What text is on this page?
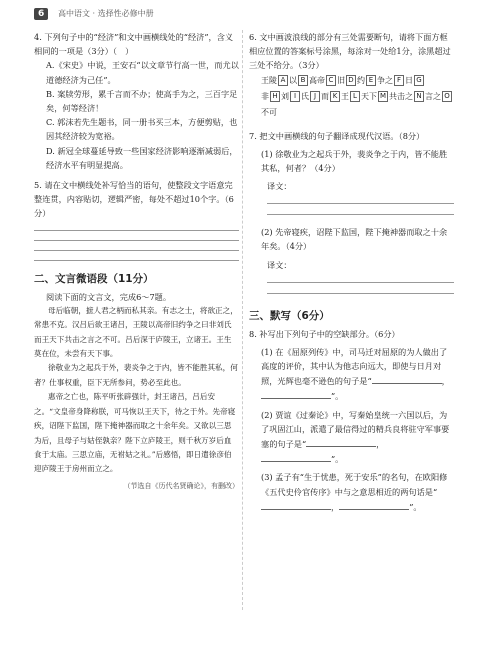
6	高中语文 · 选择性必修中册

4. 下列句子中的“经济”和文中画横线处的“经济”，含义相同的一项是（3分）（　）

A.《宋史》中说，王安石“以文章节行高一世，而尤以道德经济为己任”。

B. 案牍劳形，累千言而不办；使高手为之，三百字足矣，何等经济！

C. 郭沫若先生题书，同一册书买三本，方便剪贴，也因其经济较为宽裕。

D. 新冠全球蔓延导致一些国家经济影响逐渐减弱后，经济水平有明显提高。

5. 请在文中横线处补写恰当的语句，使整段文字语意完整连贯，内容贴切，逻辑严密，每处不超过10个字。（6分）

二、文言微语段（11分）

阅读下面的文言文，完成6～7题。

母后临朝，摭人君之柄而私其亲。有志之士，将欲正之，常患不克。汉吕后欲王诸吕，王陵以高帝旧约争之曰非刘氏而王天下共击之言之不可。吕后深于庐陵王，立诸王。王生莫在位，未尝有天下事。

徐敬业为之起兵于外，裴炎争之于内，皆不能胜其私，何者？仕事权重，臣下无所参问，势必至此也。

惠帝之亡也，陈平听张辟强计，封王诸吕，吕后安之。“文皇帝身降称朕，可马恢以王天下，待之于外。先帝寝疾，诏陛下监国，陛下掩神器而取之十余年矣。又欲以三思为后，且母子与姑侄孰亲？陛下立庐陵王，则千秋万岁后血食于太庙。三思立庙，无祔姑之礼。”后感悟，即日遣徐彦伯迎庐陵王于房州而立之。

（节选自《历代名贤确论》，有删改）

6. 文中画波浪线的部分有三处需要断句，请将下面方框相应位置的答案标号涂黑，每涂对一处给1分，涂黑超过三处不给分。（3分）

王陵 A 以 B 高帝 C 旧 D 约 E 争之 F 日 G
非 H 刘 I 氏 J 而 K 王 L 天下 M 共击之 N 言之 O不可

7. 把文中画横线的句子翻译成现代汉语。（8分）

(1) 徐敬业为之起兵于外，裴炎争之于内，皆不能胜其私，何者？（4分）

译文：

(2) 先帝寝疾，诏陛下监国，陛下掩神器而取之十余年矣。（4分）

译文：

三、默写（6分）

8. 补写出下列句子中的空缺部分。（6分）

(1) 在《屈原列传》中，司马迁对屈原的为人做出了高度的评价，其中认为他志向远大，即使与日月对照，光辉也毫不逊色的句子是“	，”。

(2) 贾谊《过秦论》中，写秦始皇统一六国以后，为了巩固江山，派遣了最信得过的精兵良将驻守军事要塞的句子是“	，”。

(3) 孟子有“生于忧患，死于安乐”的名句，在欧阳修《五代史伶官传序》中与之意思相近的两句话是“，	”。
